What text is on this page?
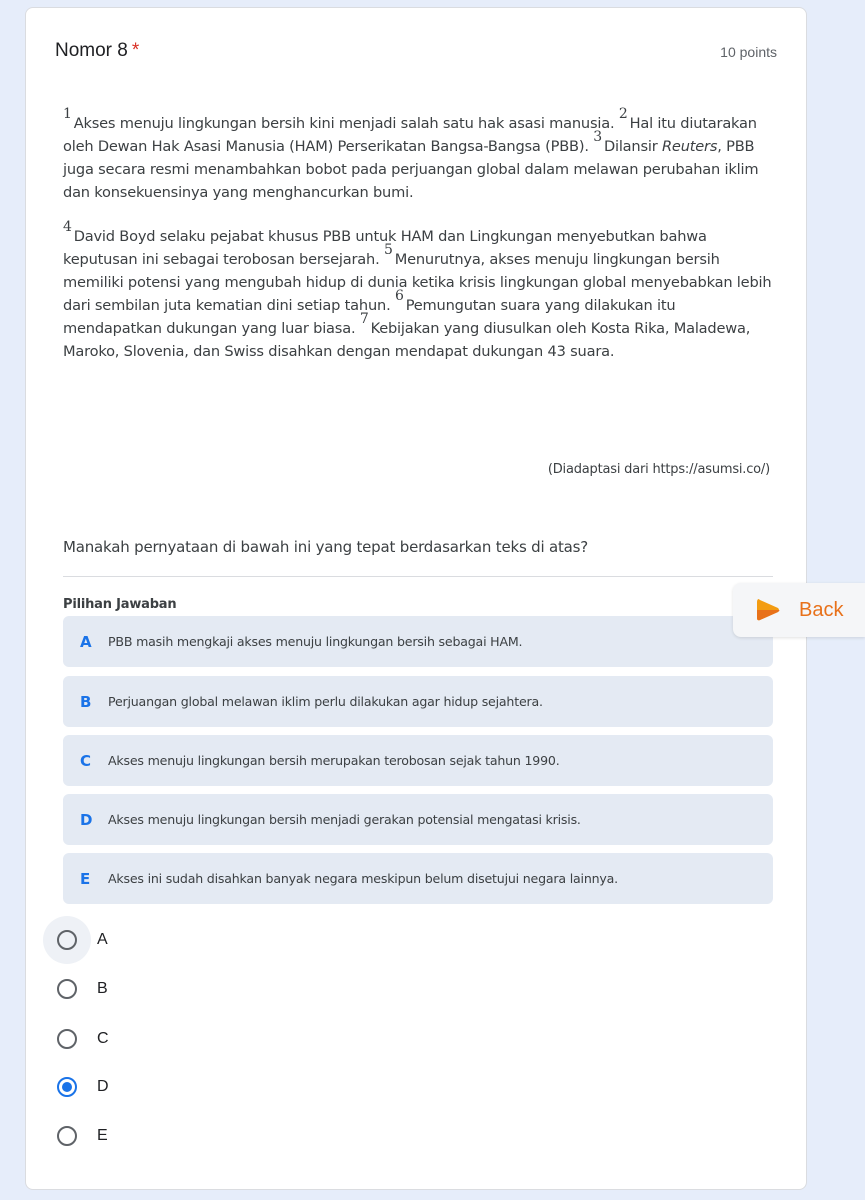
Nomor 8 *	10 points

$^1$Akses menuju lingkungan bersih kini menjadi salah satu hak asasi manusia. $^2$Hal itu diutarakan oleh Dewan Hak Asasi Manusia (HAM) Perserikatan Bangsa-Bangsa (PBB). $^3$Dilansir Reuters, PBB juga secara resmi menambahkan bobot pada perjuangan global dalam melawan perubahan iklim dan konsekuensinya yang menghancurkan bumi.

$^4$David Boyd selaku pejabat khusus PBB untuk HAM dan Lingkungan menyebutkan bahwa keputusan ini sebagai terobosan bersejarah. $^5$Menurutnya, akses menuju lingkungan bersih memiliki potensi yang mengubah hidup di dunia ketika krisis lingkungan global menyebabkan lebih dari sembilan juta kematian dini setiap tahun. $^6$Pemungutan suara yang dilakukan itu mendapatkan dukungan yang luar biasa. $^7$Kebijakan yang diusulkan oleh Kosta Rika, Maladewa, Maroko, Slovenia, dan Swiss disahkan dengan mendapat dukungan 43 suara.

(Diadaptasi dari https://asumsi.co/)
Manakah pernyataan di bawah ini yang tepat berdasarkan teks di atas?
Pilihan Jawaban
A	PBB masih mengkaji akses menuju lingkungan bersih sebagai HAM.
B	Perjuangan global melawan iklim perlu dilakukan agar hidup sejahtera.
C	Akses menuju lingkungan bersih merupakan terobosan sejak tahun 1990.
D	Akses menuju lingkungan bersih menjadi gerakan potensial mengatasi krisis.
E	Akses ini sudah disahkan banyak negara meskipun belum disetujui negara lainnya.
A
B
C
D
E
Back
